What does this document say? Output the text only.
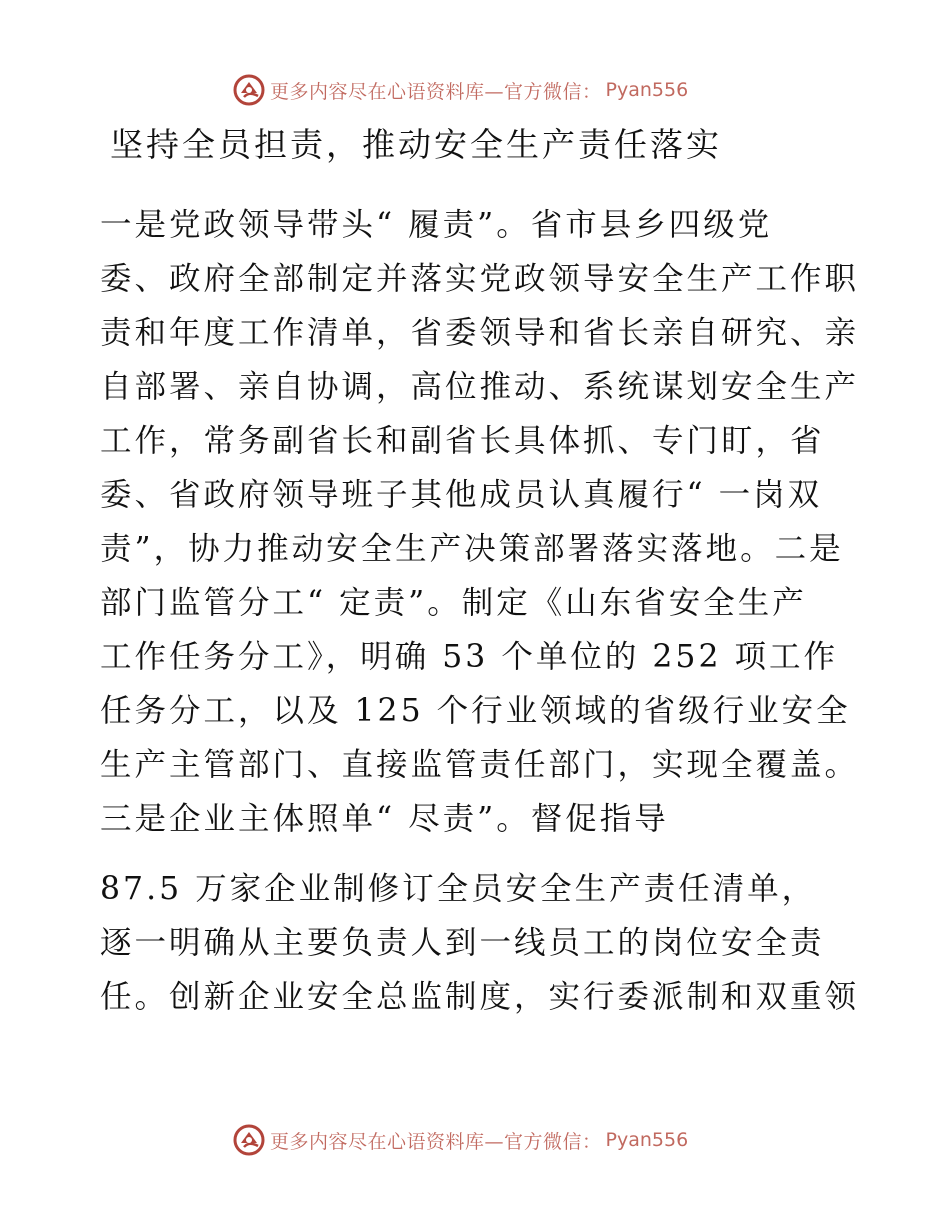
更多内容尽在心语资料库—官方微信： Pyan556
坚持全员担责，推动安全生产责任落实
一是党政领导带头“ 履责”。省市县乡四级党
委、政府全部制定并落实党政领导安全生产工作职
责和年度工作清单，省委领导和省长亲自研究、亲
自部署、亲自协调，高位推动、系统谋划安全生产
工作，常务副省长和副省长具体抓、专门盯，省
委、省政府领导班子其他成员认真履行“ 一岗双
责”，协力推动安全生产决策部署落实落地。二是
部门监管分工“ 定责”。制定《山东省安全生产
工作任务分工》，明确 53 个单位的 252 项工作
任务分工，以及 125 个行业领域的省级行业安全
生产主管部门、直接监管责任部门，实现全覆盖。
三是企业主体照单“ 尽责”。督促指导
87.5 万家企业制修订全员安全生产责任清单，
逐一明确从主要负责人到一线员工的岗位安全责
任。创新企业安全总监制度，实行委派制和双重领
更多内容尽在心语资料库—官方微信： Pyan556
